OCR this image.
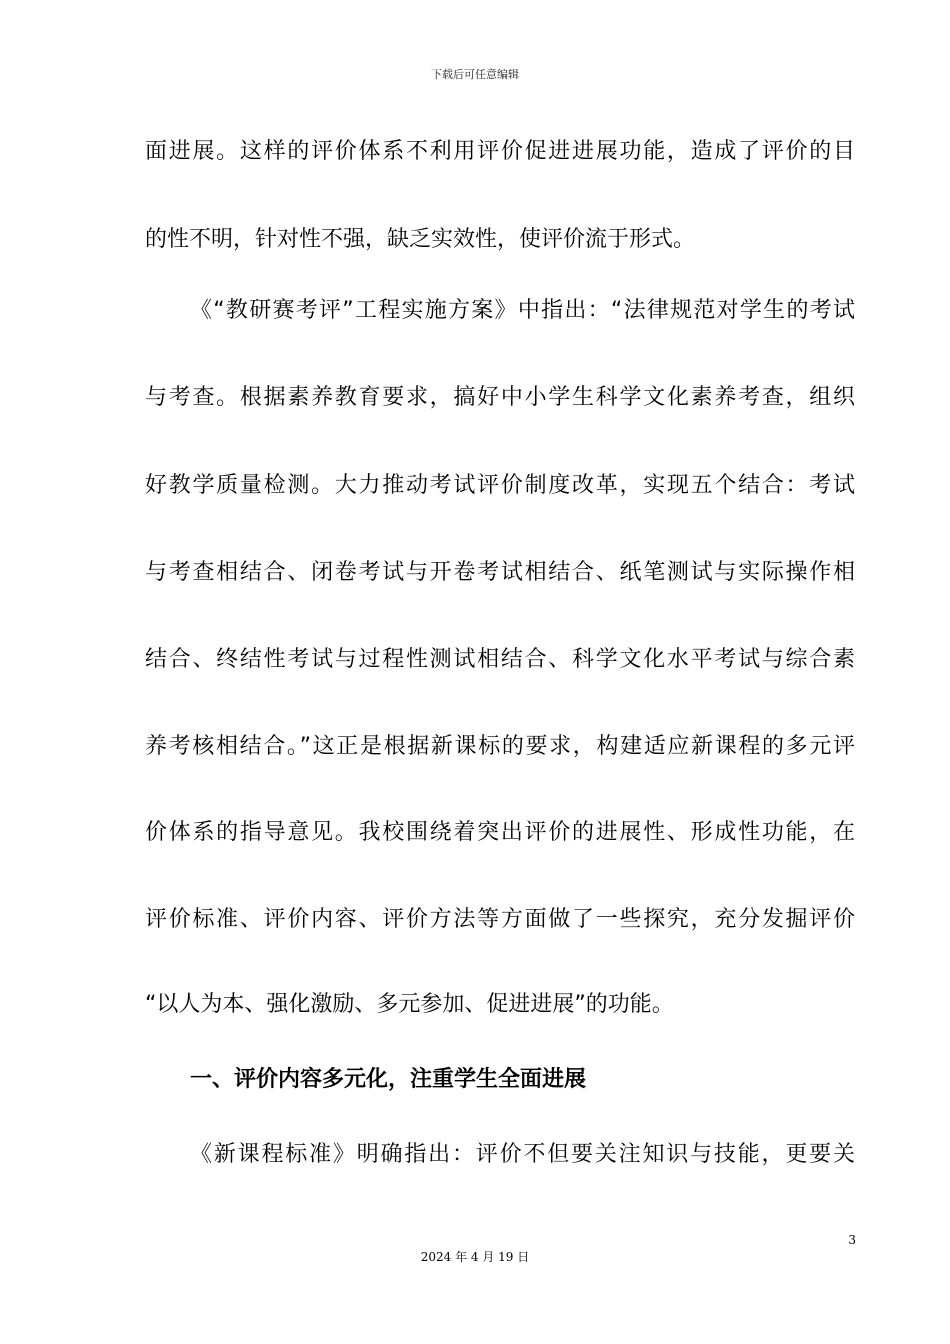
下载后可任意编辑
面进展。这样的评价体系不利用评价促进进展功能，造成了评价的目
的性不明，针对性不强，缺乏实效性，使评价流于形式。
《“教研赛考评”工程实施方案》中指出：“法律规范对学生的考试
与考查。根据素养教育要求，搞好中小学生科学文化素养考查，组织
好教学质量检测。大力推动考试评价制度改革，实现五个结合：考试
与考查相结合、闭卷考试与开卷考试相结合、纸笔测试与实际操作相
结合、终结性考试与过程性测试相结合、科学文化水平考试与综合素
养考核相结合。”这正是根据新课标的要求，构建适应新课程的多元评
价体系的指导意见。我校围绕着突出评价的进展性、形成性功能，在
评价标准、评价内容、评价方法等方面做了一些探究，充分发掘评价
“以人为本、强化激励、多元参加、促进进展”的功能。
一、评价内容多元化，注重学生全面进展
《新课程标准》明确指出：评价不但要关注知识与技能，更要关
3
2024 年 4 月 19 日
